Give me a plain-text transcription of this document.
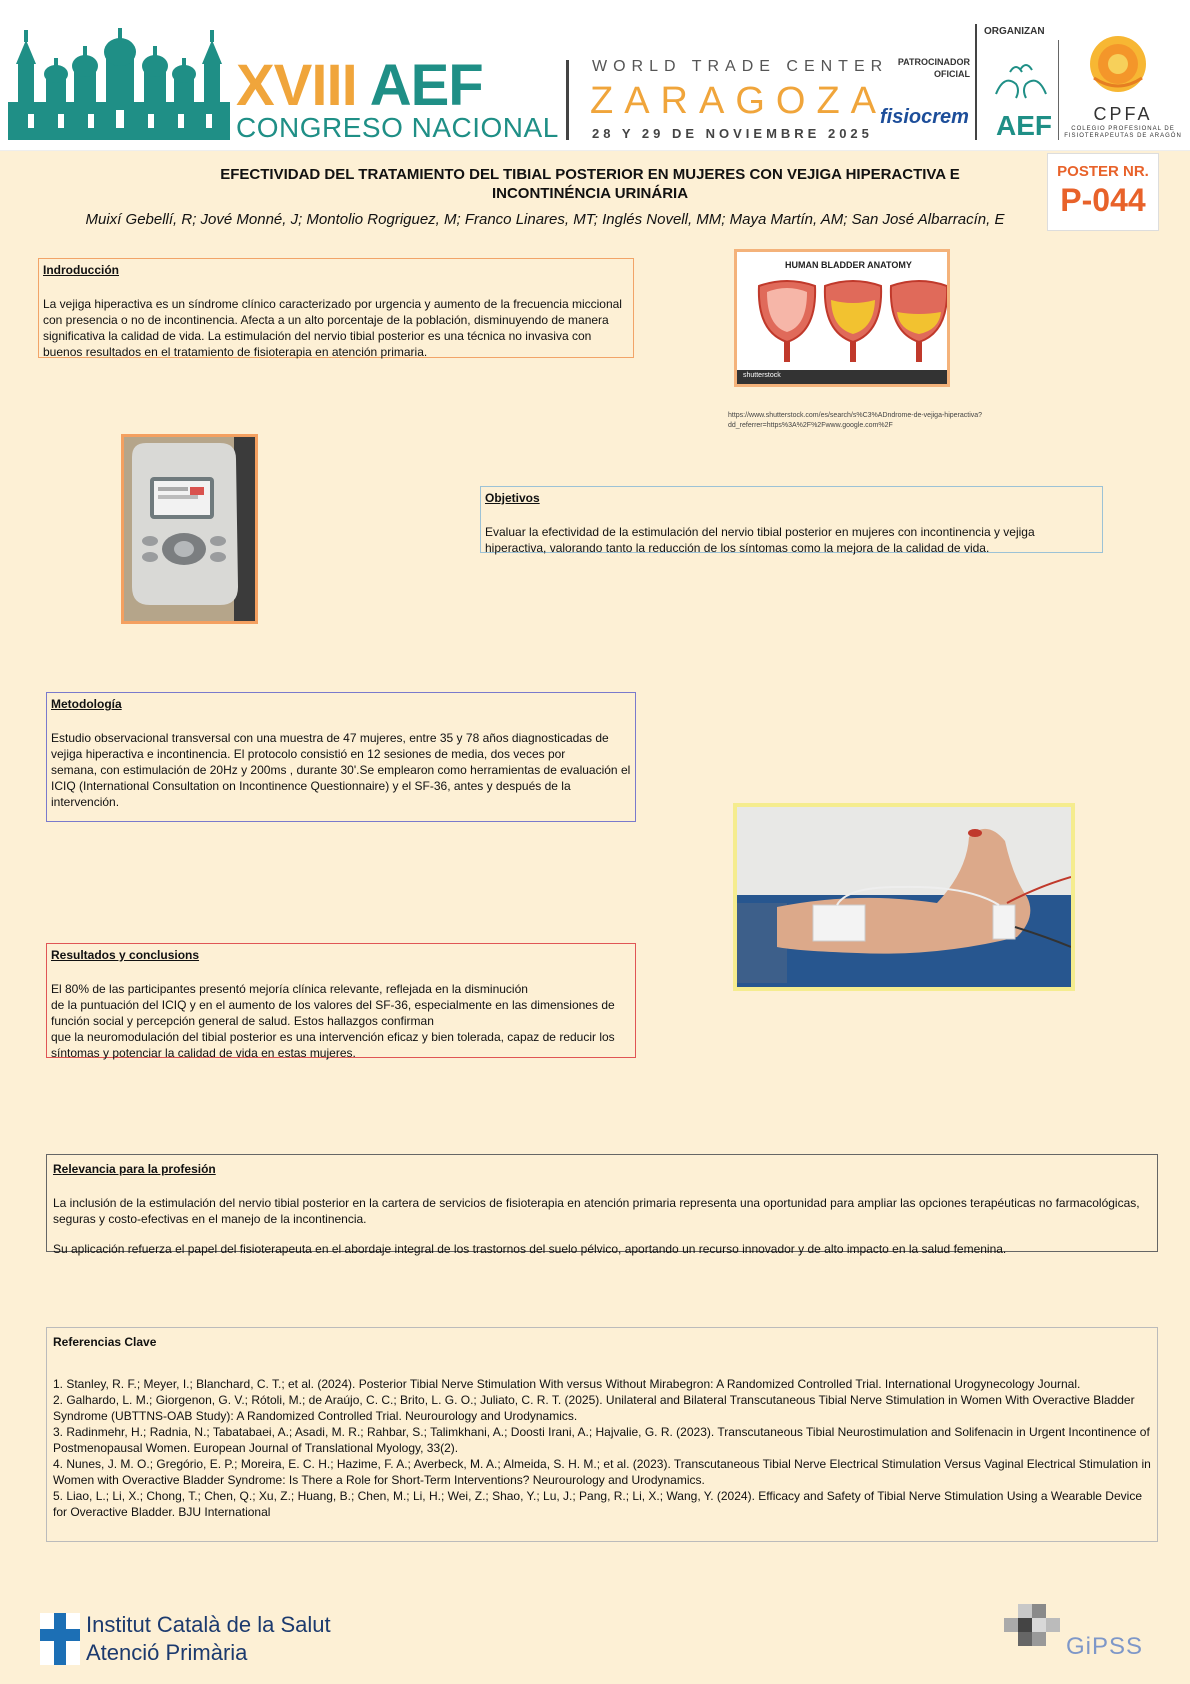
XVIII AEF
CONGRESO NACIONAL
WORLD TRADE CENTER
ZARAGOZA
28 Y 29 DE NOVIEMBRE 2025
PATROCINADOR OFICIAL
fisiocrem
ORGANIZAN
AEF	CPFA
COLEGIO PROFESIONAL DE FISIOTERAPEUTAS DE ARAGÓN
EFECTIVIDAD DEL TRATAMIENTO DEL TIBIAL POSTERIOR EN MUJERES CON VEJIGA HIPERACTIVA E
INCONTINÉNCIA URINÁRIA
Muixí Gebellí, R; Jové Monné, J; Montolio Rogriguez, M; Franco Linares, MT; Inglés Novell, MM; Maya Martín, AM; San José Albarracín, E
POSTER NR.
P-044
Indroducción

La vejiga hiperactiva es un síndrome clínico caracterizado por urgencia y aumento de la frecuencia miccional con presencia o no de incontinencia. Afecta a un alto porcentaje de la población, disminuyendo de manera significativa la calidad de vida. La estimulación del nervio tibial posterior es una técnica no invasiva con buenos resultados en el tratamiento de fisioterapia en atención primaria.

HUMAN BLADDER ANATOMY
shutterstock
https://www.shutterstock.com/es/search/s%C3%ADndrome-de-vejiga-hiperactiva?dd_referrer=https%3A%2F%2Fwww.google.com%2F
Objetivos

Evaluar la efectividad de la estimulación del nervio tibial posterior en mujeres con incontinencia y vejiga hiperactiva, valorando tanto la reducción de los síntomas como la mejora de la calidad de vida.

Metodología

Estudio observacional transversal con una muestra de 47 mujeres, entre 35 y 78 años diagnosticadas de vejiga hiperactiva e incontinencia. El protocolo consistió en 12 sesiones de media, dos veces por

semana, con estimulación de 20Hz y 200ms , durante 30'.Se emplearon como herramientas de evaluación el ICIQ (International Consultation on Incontinence Questionnaire) y el SF-36, antes y después de la intervención.

Resultados y conclusions

El 80% de las participantes presentó mejoría clínica relevante, reflejada en la disminución

de la puntuación del ICIQ y en el aumento de los valores del SF-36, especialmente en las dimensiones de función social y percepción general de salud. Estos hallazgos confirman

que la neuromodulación del tibial posterior es una intervención eficaz y bien tolerada, capaz de reducir los síntomas y potenciar la calidad de vida en estas mujeres.

Relevancia para la profesión

La inclusión de la estimulación del nervio tibial posterior en la cartera de servicios de fisioterapia en atención primaria representa una oportunidad para ampliar las opciones terapéuticas no farmacológicas, seguras y costo-efectivas en el manejo de la incontinencia.

Su aplicación refuerza el papel del fisioterapeuta en el abordaje integral de los trastornos del suelo pélvico, aportando un recurso innovador y de alto impacto en la salud femenina.

Referencias Clave
1. Stanley, R. F.; Meyer, I.; Blanchard, C. T.; et al. (2024). Posterior Tibial Nerve Stimulation With versus Without Mirabegron: A Randomized Controlled Trial. International Urogynecology Journal.
2. Galhardo, L. M.; Giorgenon, G. V.; Rótoli, M.; de Araújo, C. C.; Brito, L. G. O.; Juliato, C. R. T. (2025). Unilateral and Bilateral Transcutaneous Tibial Nerve Stimulation in Women With Overactive Bladder Syndrome (UBTTNS-OAB Study): A Randomized Controlled Trial. Neurourology and Urodynamics.
3. Radinmehr, H.; Radnia, N.; Tabatabaei, A.; Asadi, M. R.; Rahbar, S.; Talimkhani, A.; Doosti Irani, A.; Hajvalie, G. R. (2023). Transcutaneous Tibial Neurostimulation and Solifenacin in Urgent Incontinence of Postmenopausal Women. European Journal of Translational Myology, 33(2).
4. Nunes, J. M. O.; Gregório, E. P.; Moreira, E. C. H.; Hazime, F. A.; Averbeck, M. A.; Almeida, S. H. M.; et al. (2023). Transcutaneous Tibial Nerve Electrical Stimulation Versus Vaginal Electrical Stimulation in Women with Overactive Bladder Syndrome: Is There a Role for Short-Term Interventions? Neurourology and Urodynamics.
5. Liao, L.; Li, X.; Chong, T.; Chen, Q.; Xu, Z.; Huang, B.; Chen, M.; Li, H.; Wei, Z.; Shao, Y.; Lu, J.; Pang, R.; Li, X.; Wang, Y. (2024). Efficacy and Safety of Tibial Nerve Stimulation Using a Wearable Device for Overactive Bladder. BJU International
Institut Català de la Salut
Atenció Primària	GiPSS
